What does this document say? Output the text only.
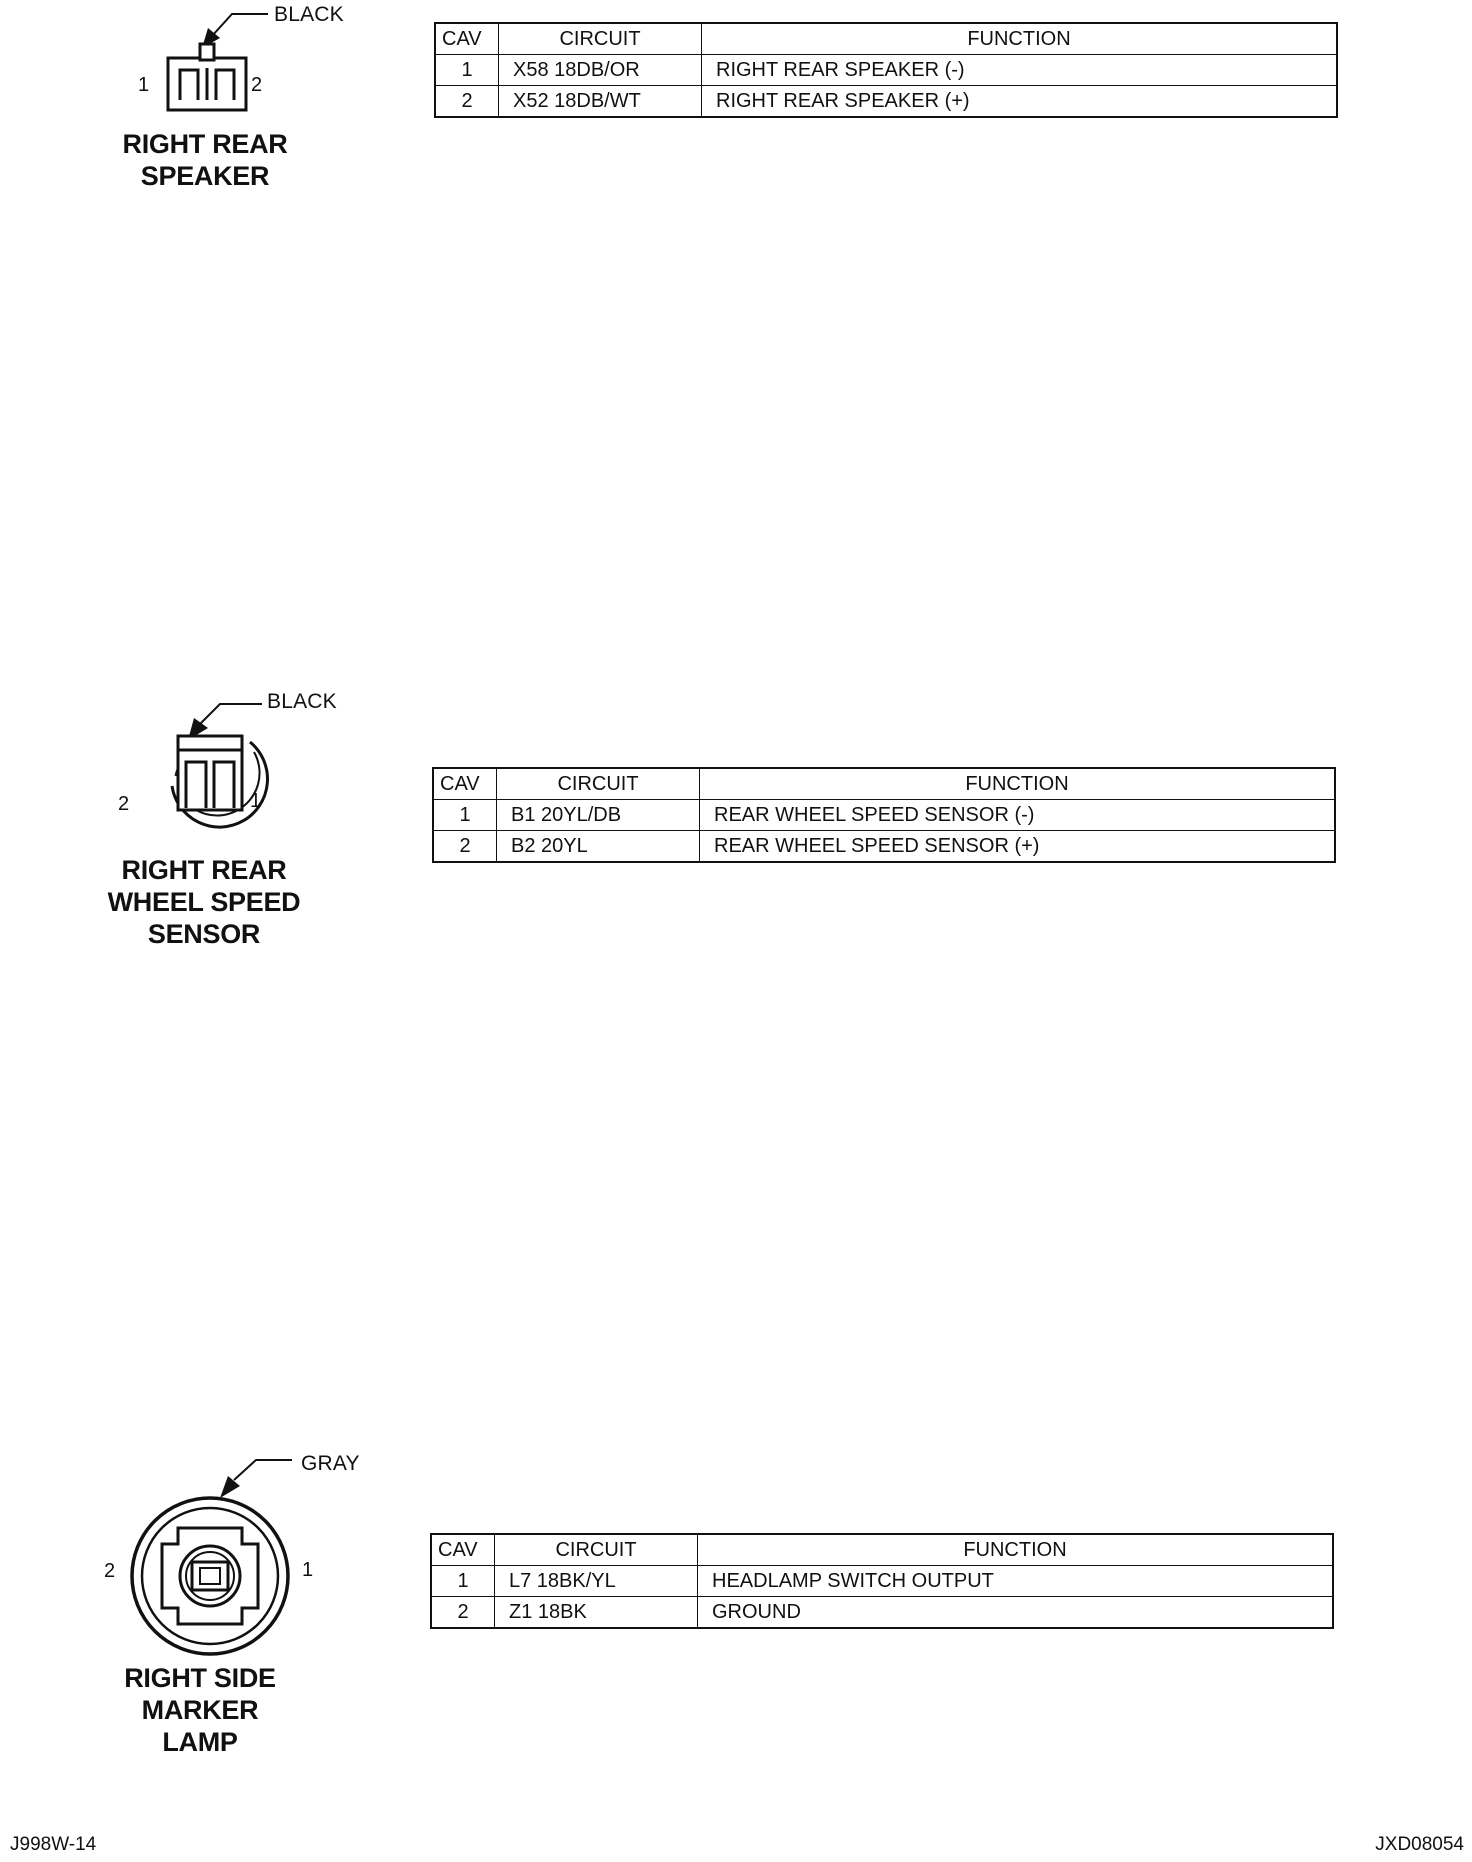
BLACK
1	2
RIGHT REAR
SPEAKER
CAV	CIRCUIT	FUNCTION
1	X58 18DB/OR	RIGHT REAR SPEAKER (-)
2	X52 18DB/WT	RIGHT REAR SPEAKER (+)
BLACK
2	1
RIGHT REAR
WHEEL SPEED
SENSOR
CAV	CIRCUIT	FUNCTION
1	B1 20YL/DB	REAR WHEEL SPEED SENSOR (-)
2	B2 20YL	REAR WHEEL SPEED SENSOR (+)
GRAY
2	1
RIGHT SIDE
MARKER
LAMP
CAV	CIRCUIT	FUNCTION
1	L7 18BK/YL	HEADLAMP SWITCH OUTPUT
2	Z1 18BK	GROUND
J998W-14	JXD08054
